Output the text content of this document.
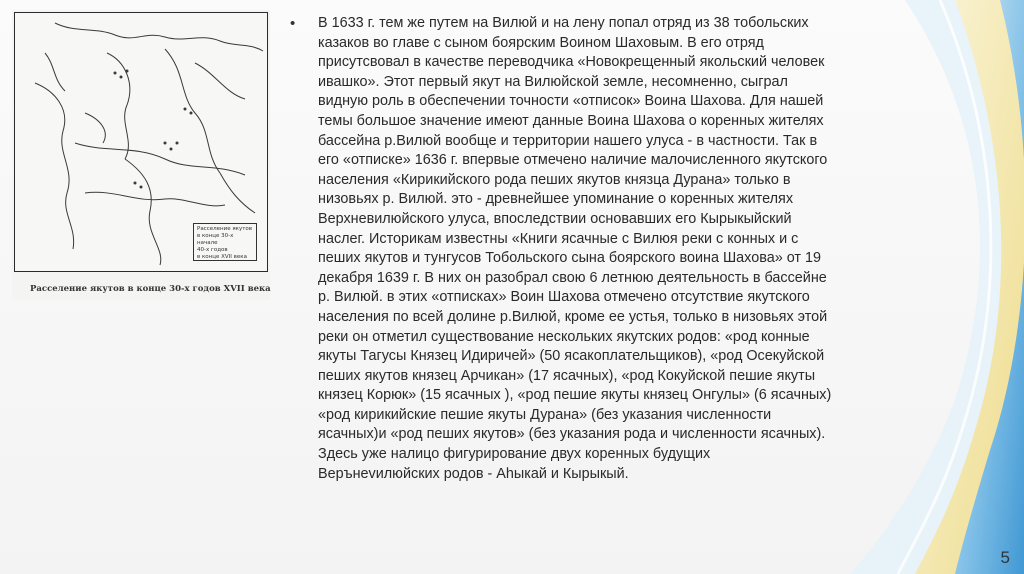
Расселение якутов
в конце 30-х начале
40-х годов
в конце XVII века
Расселение якутов в конце 30-х годов XVII века
• В 1633 г. тем же путем на Вилюй и на лену попал отряд из 38 тобольских
казаков во главе с сыном боярским Воином Шаховым. В его отряд
присутсвовал в качестве переводчика «Новокрещенный якольский человек
ивашко». Этот первый якут на Вилюйской земле, несомненно, сыграл
видную роль в обеспечении точности «отписок» Воина Шахова. Для нашей
темы большое значение имеют данные Воина Шахова о коренных жителях
бассейна р.Вилюй вообще и территории нашего улуса - в частности. Так в
его «отписке» 1636 г. впервые отмечено наличие малочисленного якутского
населения «Кирикийского рода пеших якутов князца Дурана» только в
низовьях р. Вилюй. это - древнейшее упоминание о коренных жителях
Верхневилюйского улуса, впоследствии основавших его Кырыкыйский
наслег. Историкам известны «Книги ясачные с Вилюя реки с конных и с
пеших якутов и тунгусов Тобольского сына боярского воина Шахова» от 19
декабря 1639 г. В них он разобрал свою 6 летнюю деятельность в бассейне
р. Вилюй. в этих «отписках» Воин Шахова отмечено отсутствие якутского
населения по всей долине р.Вилюй, кроме ее устья, только в низовьях этой
реки он отметил существование нескольких якутских родов: «род конные
якуты Тагусы Князец Идиричей» (50 ясакоплательщиков), «род Осекуйской
пеших якутов князец Арчикан» (17 ясачных), «род Кокуйской пешие якуты
князец Корюк» (15 ясачных ), «род пешие якуты князец Онгулы» (6 ясачных)
«род кирикийские пешие якуты Дурана» (без указания численности
ясачных)и «род пеших якутов» (без указания рода и численности ясачных).
Здесь уже налицо фигурирование двух коренных будущих
Верънevилюйских родов - Аһыкай и Кырыкый.
5
